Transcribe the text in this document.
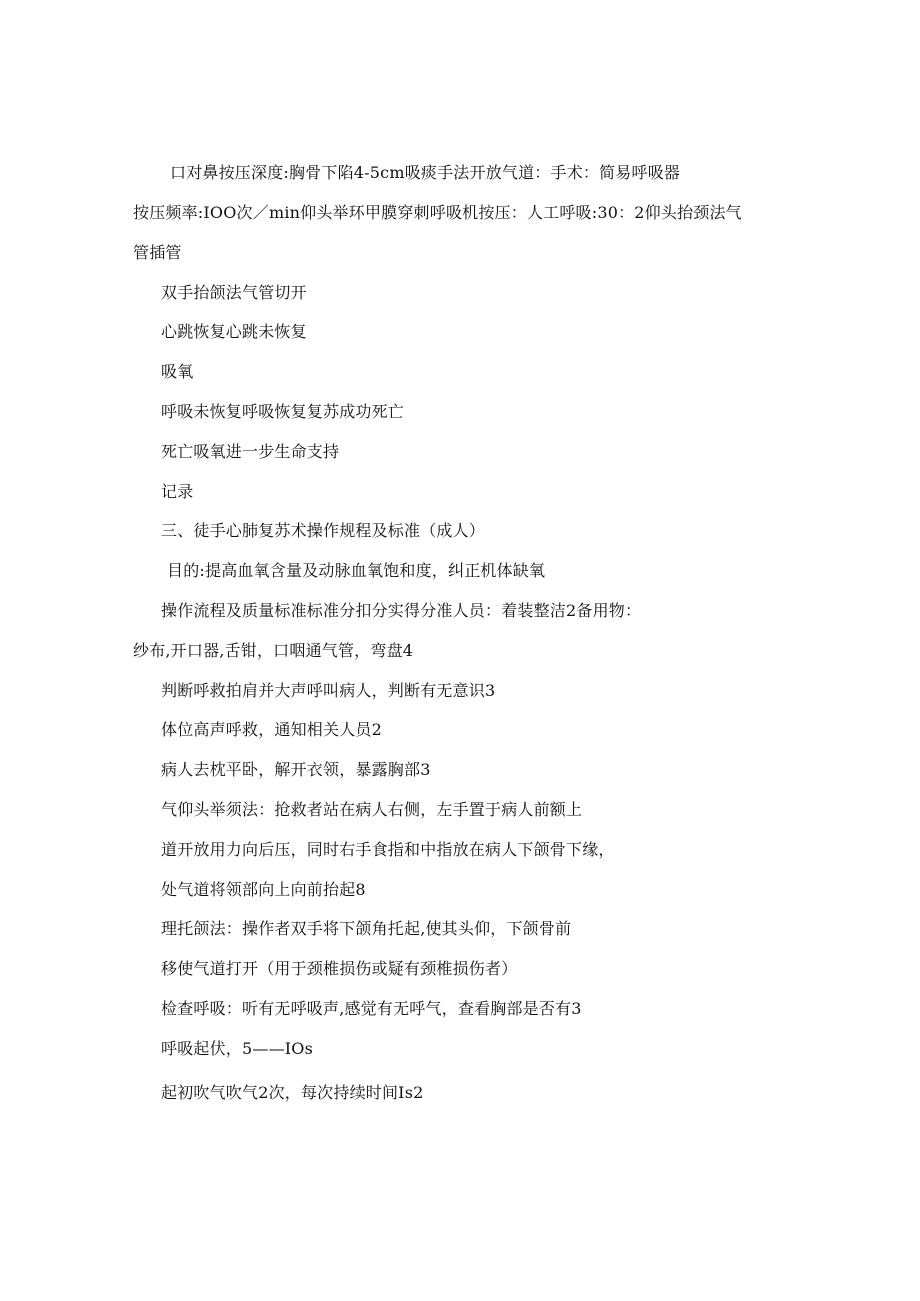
口对鼻按压深度:胸骨下陷4-5cm吸痰手法开放气道：手术：简易呼吸器
按压频率:IOO次／min仰头举环甲膜穿刺呼吸机按压：人工呼吸:30：2仰头抬颈法气
管插管
双手抬颌法气管切开
心跳恢复心跳未恢复
吸氧
呼吸未恢复呼吸恢复复苏成功死亡
死亡吸氧进一步生命支持
记录
三、徒手心肺复苏术操作规程及标准（成人）
目的:提高血氧含量及动脉血氧饱和度，纠正机体缺氧
操作流程及质量标准标准分扣分实得分准人员：着装整洁2备用物：
纱布,开口器,舌钳，口咽通气管，弯盘4
判断呼救拍肩并大声呼叫病人，判断有无意识3
体位高声呼救，通知相关人员2
病人去枕平卧，解开衣领，暴露胸部3
气仰头举须法：抢救者站在病人右侧，左手置于病人前额上
道开放用力向后压，同时右手食指和中指放在病人下颌骨下缘，
处气道将领部向上向前抬起8
理托颌法：操作者双手将下颌角托起,使其头仰，下颌骨前
移使气道打开（用于颈椎损伤或疑有颈椎损伤者）
检查呼吸：听有无呼吸声,感觉有无呼气，查看胸部是否有3
呼吸起伏，5——IOs
起初吹气吹气2次，每次持续时间Is2
